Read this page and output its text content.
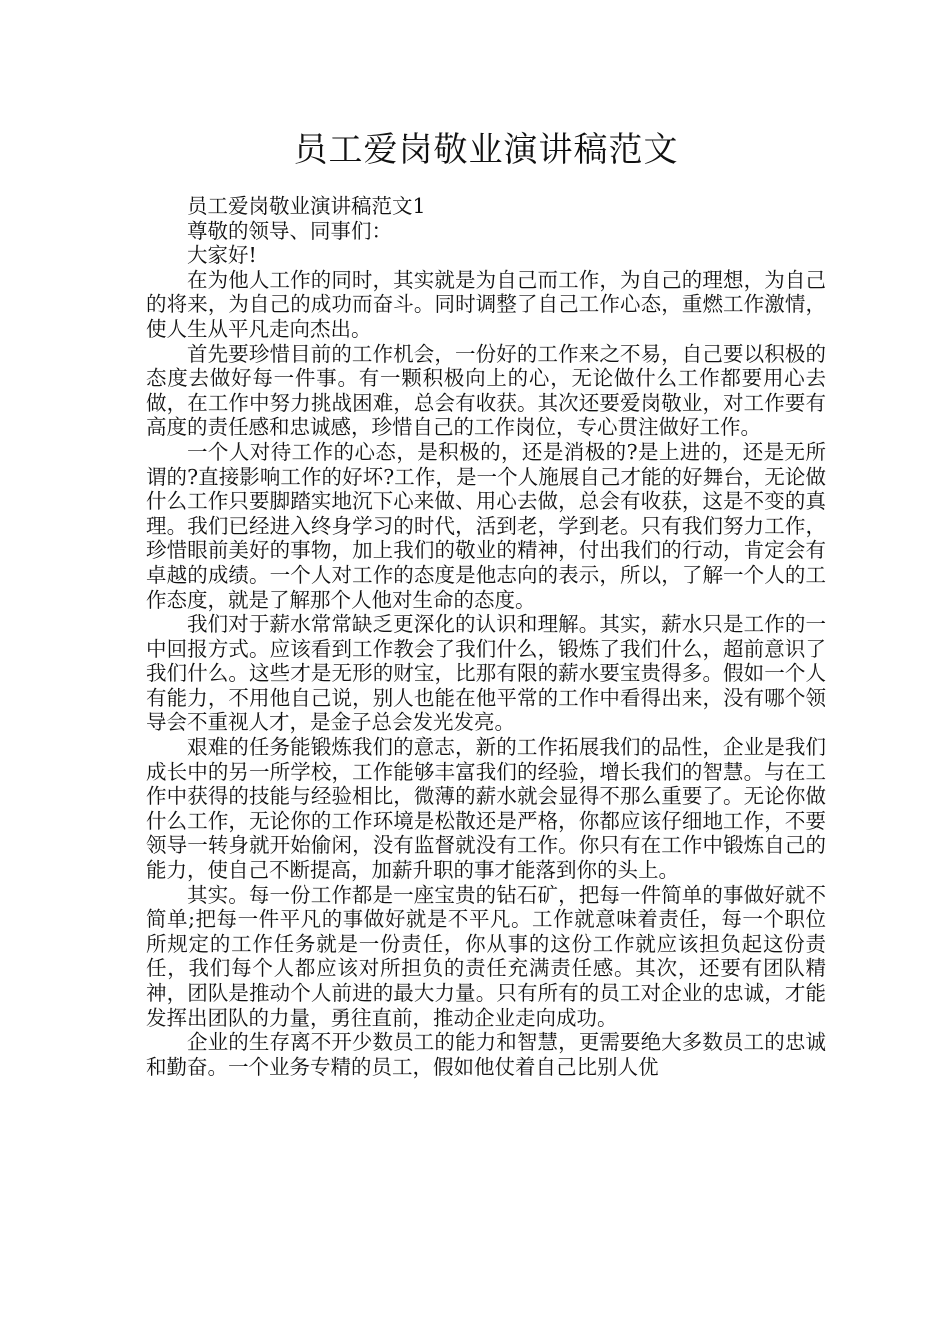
员工爱岗敬业演讲稿范文

员工爱岗敬业演讲稿范文1

尊敬的领导、同事们：

大家好!

在为他人工作的同时，其实就是为自己而工作，为自己的理想，为自己的将来，为自己的成功而奋斗。同时调整了自己工作心态，重燃工作激情，使人生从平凡走向杰出。

首先要珍惜目前的工作机会，一份好的工作来之不易，自己要以积极的态度去做好每一件事。有一颗积极向上的心，无论做什么工作都要用心去做，在工作中努力挑战困难，总会有收获。其次还要爱岗敬业，对工作要有高度的责任感和忠诚感，珍惜自己的工作岗位，专心贯注做好工作。

一个人对待工作的心态，是积极的，还是消极的?是上进的，还是无所谓的?直接影响工作的好坏?工作，是一个人施展自己才能的好舞台，无论做什么工作只要脚踏实地沉下心来做、用心去做，总会有收获，这是不变的真理。我们已经进入终身学习的时代，活到老，学到老。只有我们努力工作，珍惜眼前美好的事物，加上我们的敬业的精神，付出我们的行动，肯定会有卓越的成绩。一个人对工作的态度是他志向的表示，所以，了解一个人的工作态度，就是了解那个人他对生命的态度。

我们对于薪水常常缺乏更深化的认识和理解。其实，薪水只是工作的一中回报方式。应该看到工作教会了我们什么，锻炼了我们什么，超前意识了我们什么。这些才是无形的财宝，比那有限的薪水要宝贵得多。假如一个人有能力，不用他自己说，别人也能在他平常的工作中看得出来，没有哪个领导会不重视人才，是金子总会发光发亮。

艰难的任务能锻炼我们的意志，新的工作拓展我们的品性，企业是我们成长中的另一所学校，工作能够丰富我们的经验，增长我们的智慧。与在工作中获得的技能与经验相比，微薄的薪水就会显得不那么重要了。无论你做什么工作，无论你的工作环境是松散还是严格，你都应该仔细地工作，不要领导一转身就开始偷闲，没有监督就没有工作。你只有在工作中锻炼自己的能力，使自己不断提高，加薪升职的事才能落到你的头上。

其实。每一份工作都是一座宝贵的钻石矿，把每一件简单的事做好就不简单;把每一件平凡的事做好就是不平凡。工作就意味着责任，每一个职位所规定的工作任务就是一份责任，你从事的这份工作就应该担负起这份责任，我们每个人都应该对所担负的责任充满责任感。其次，还要有团队精神，团队是推动个人前进的最大力量。只有所有的员工对企业的忠诚，才能发挥出团队的力量，勇往直前，推动企业走向成功。

企业的生存离不开少数员工的能力和智慧，更需要绝大多数员工的忠诚和勤奋。一个业务专精的员工，假如他仗着自己比别人优
